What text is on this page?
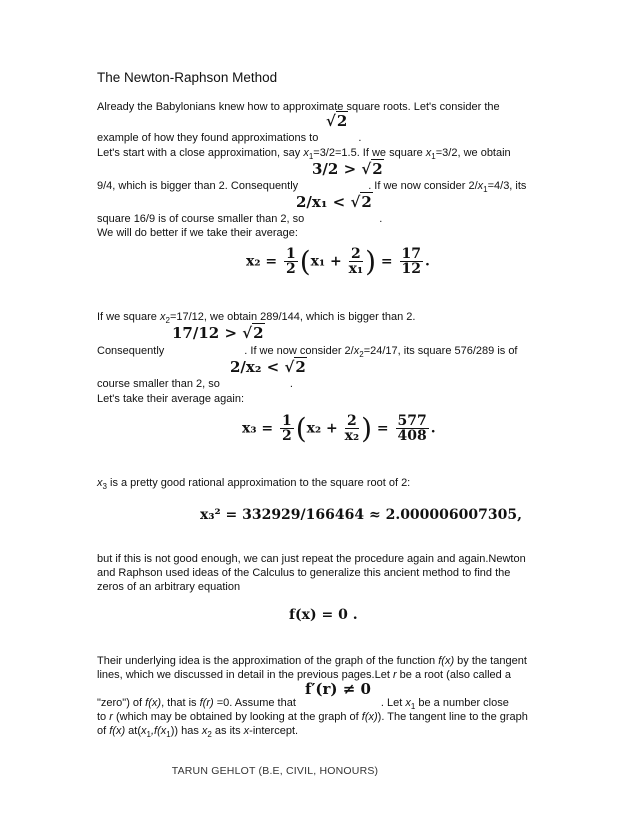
The Newton-Raphson Method
Already the Babylonians knew how to approximate square roots. Let's consider the
√2
example of how they found approximations to	.
Let's start with a close approximation, say $x_1=3/2=1.5$. If we square $x_1=3/2$, we obtain
3/2 > √2
9/4, which is bigger than 2. Consequently	. If we now consider $2/x_1=4/3$, its
2/x₁ < √2
square 16/9 is of course smaller than 2, so	.
We will do better if we take their average:
$x_2 = \frac{1}{2} (x_1 + \frac{2}{\text{x₁}}$ ) = $\frac{17}{12}$ .
If we square $x_2=17/12$, we obtain 289/144, which is bigger than 2.
17/12 > √2
Consequently	. If we now consider $2/x_2=24/17$, its square 576/289 is of
2/x₂ < √2
course smaller than 2, so	.
Let's take their average again:
$x_3 = \frac{1}{2} (x_2 + \frac{2}{\text{x₂}}$ ) = $\frac{577}{408}$ .
$x_3$ is a pretty good rational approximation to the square root of 2:
x₃² = 332929/166464 ≈ 2.000006007305,
but if this is not good enough, we can just repeat the procedure again and again.Newton
and Raphson used ideas of the Calculus to generalize this ancient method to find the
zeros of an arbitrary equation
f(x) = 0 .
Their underlying idea is the approximation of the graph of the function f(x) by the tangent
lines, which we discussed in detail in the previous pages.Let r be a root (also called a
f′(r) ≠ 0
"zero") of f(x), that is f(r) =0. Assume that	. Let $x_1$ be a number close
to r (which may be obtained by looking at the graph of f(x)). The tangent line to the graph
of f(x) $at(x_1,f(x_1))$ has $x_2$ as its x-intercept.
TARUN GEHLOT (B.E, CIVIL, HONOURS)
